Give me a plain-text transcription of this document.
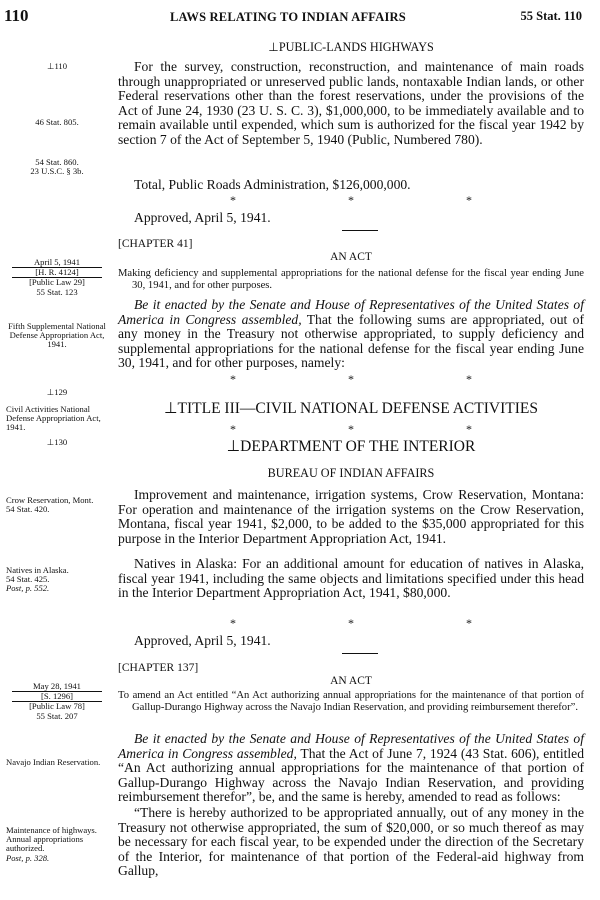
110	LAWS RELATING TO INDIAN AFFAIRS	55 Stat. 110
⊥PUBLIC-LANDS HIGHWAYS
⊥110	For the survey, construction, reconstruction, and maintenance of main roads through unappropriated or unreserved public lands, nontaxable Indian lands, or other Federal reservations other than the forest reservations, under the provisions of the Act of June 24, 1930 (23 U. S. C. 3), $1,000,000, to be immediately available and to remain available until expended, which sum is authorized for the fiscal year 1942 by section 7 of the Act of September 5, 1940 (Public, Numbered 780).
46 Stat. 805.
54 Stat. 860.
23 U.S.C. § 3b.
Total, Public Roads Administration, $126,000,000.
*	*	*
Approved, April 5, 1941.
[CHAPTER 41]
AN ACT
April 5, 1941
[H. R. 4124]
[Public Law 29]
55 Stat. 123
Making deficiency and supplemental appropriations for the national defense for the fiscal year ending June 30, 1941, and for other purposes.
Be it enacted by the Senate and House of Representatives of the United States of America in Congress assembled, That the following sums are appropriated, out of any money in the Treasury not otherwise appropriated, to supply deficiency and supplemental appropriations for the national defense for the fiscal year ending June 30, 1941, and for other purposes, namely:
Fifth Supplemental National Defense Appropriation Act, 1941.
*	*	*
⊥129
⊥TITLE III—CIVIL NATIONAL DEFENSE ACTIVITIES
Civil Activities National Defense Appropriation Act, 1941.	*	*	*
⊥130	⊥DEPARTMENT OF THE INTERIOR
BUREAU OF INDIAN AFFAIRS
Crow Reservation, Mont.
54 Stat. 420.
Improvement and maintenance, irrigation systems, Crow Reservation, Montana: For operation and maintenance of the irrigation systems on the Crow Reservation, Montana, fiscal year 1941, $2,000, to be added to the $35,000 appropriated for this purpose in the Interior Department Appropriation Act, 1941.
Natives in Alaska.
54 Stat. 425.
Post, p. 552.
Natives in Alaska: For an additional amount for education of natives in Alaska, fiscal year 1941, including the same objects and limitations specified under this head in the Interior Department Appropriation Act, 1941, $80,000.
*	*	*
Approved, April 5, 1941.
[CHAPTER 137]
AN ACT
May 28, 1941
[S. 1296]
[Public Law 78]
55 Stat. 207
To amend an Act entitled “An Act authorizing annual appropriations for the maintenance of that portion of Gallup-Durango Highway across the Navajo Indian Reservation, and providing reimbursement therefor”.
Be it enacted by the Senate and House of Representatives of the United States of America in Congress assembled, That the Act of June 7, 1924 (43 Stat. 606), entitled “An Act authorizing annual appropriations for the maintenance of that portion of Gallup-Durango Highway across the Navajo Indian Reservation, and providing reimbursement therefor”, be, and the same is hereby, amended to read as follows:
Navajo Indian Reservation.
“There is hereby authorized to be appropriated annually, out of any money in the Treasury not otherwise appropriated, the sum of $20,000, or so much thereof as may be necessary for each fiscal year, to be expended under the direction of the Secretary of the Interior, for maintenance of that portion of the Federal-aid highway from Gallup,
Maintenance of highways.
Annual appropriations authorized.
Post, p. 328.
